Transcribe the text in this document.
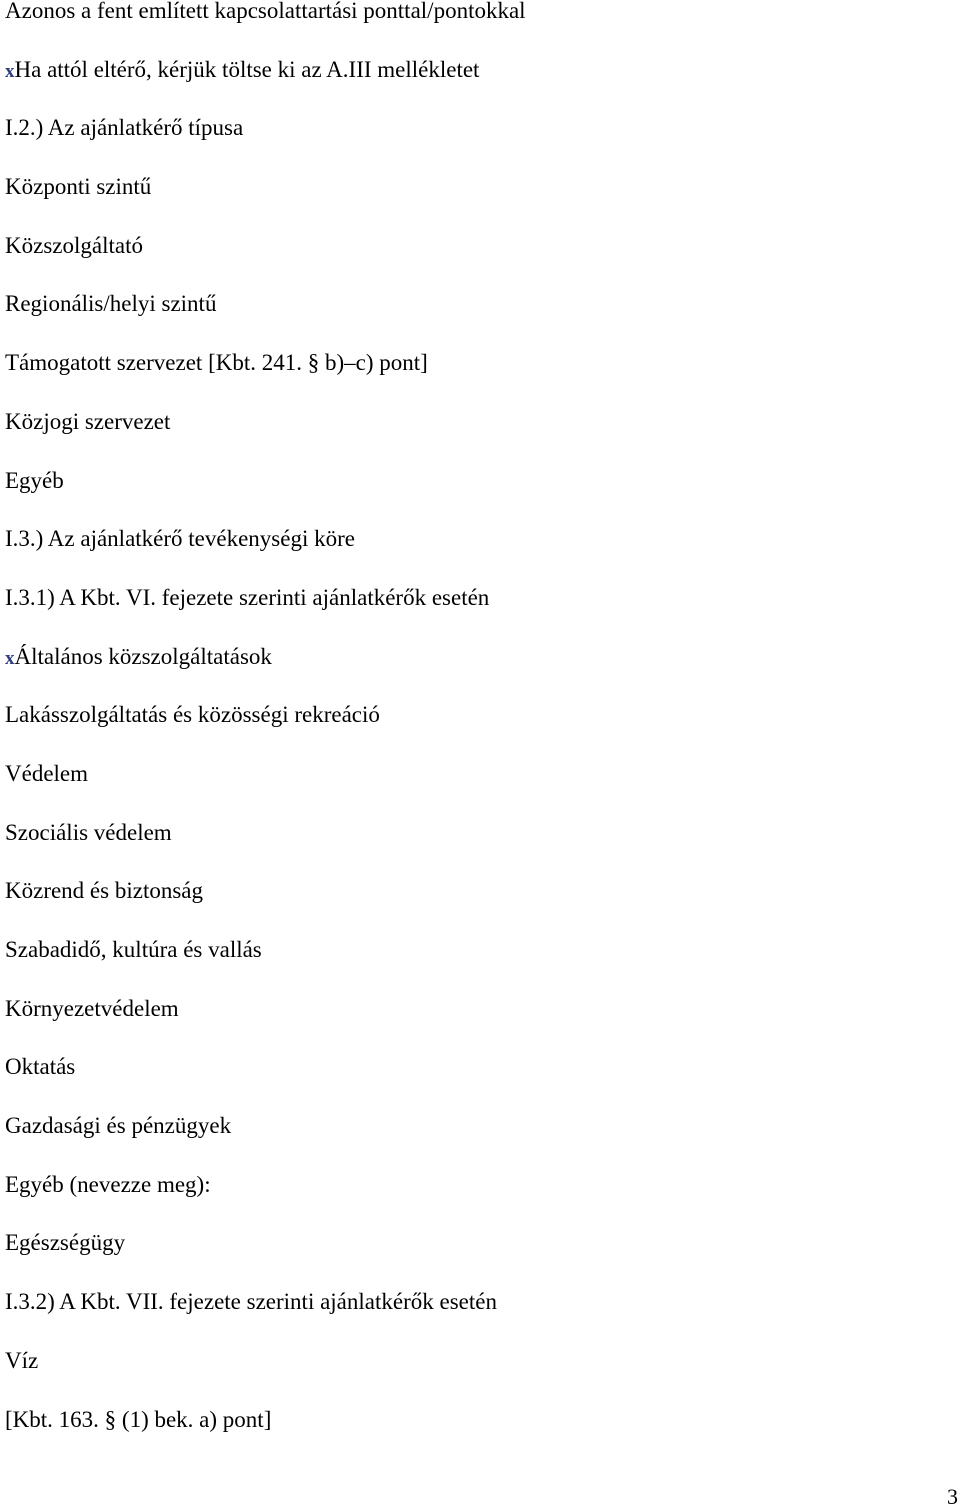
Azonos a fent említett kapcsolattartási ponttal/pontokkal
xHa attól eltérő, kérjük töltse ki az A.III mellékletet
I.2.) Az ajánlatkérő típusa
Központi szintű
Közszolgáltató
Regionális/helyi szintű
Támogatott szervezet [Kbt. 241. § b)–c) pont]
Közjogi szervezet
Egyéb
I.3.) Az ajánlatkérő tevékenységi köre
I.3.1) A Kbt. VI. fejezete szerinti ajánlatkérők esetén
xÁltalános közszolgáltatások
Lakásszolgáltatás és közösségi rekreáció
Védelem
Szociális védelem
Közrend és biztonság
Szabadidő, kultúra és vallás
Környezetvédelem
Oktatás
Gazdasági és pénzügyek
Egyéb (nevezze meg):
Egészségügy
I.3.2) A Kbt. VII. fejezete szerinti ajánlatkérők esetén
Víz
[Kbt. 163. § (1) bek. a) pont]
3
